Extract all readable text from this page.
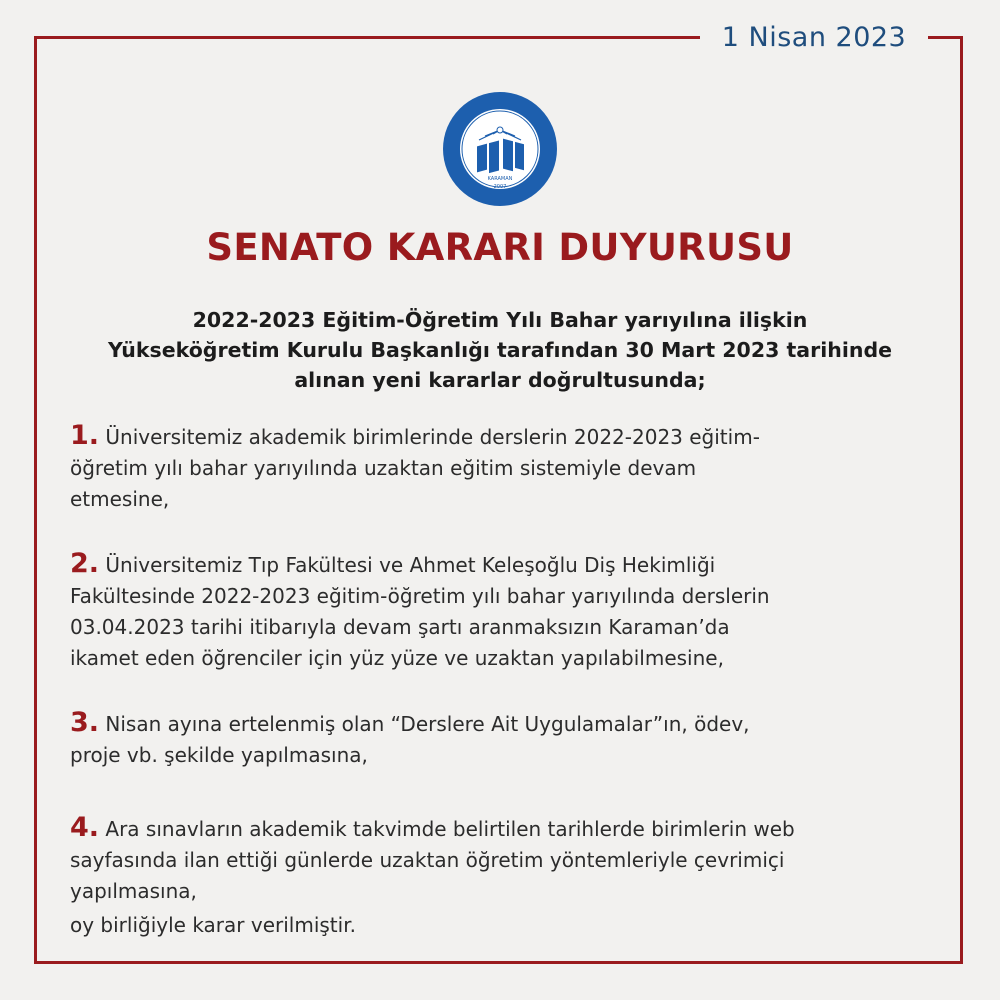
1 Nisan 2023
KARAMAN
2007
SENATO KARARI DUYURUSU
2022-2023 Eğitim-Öğretim Yılı Bahar yarıyılına ilişkin
Yükseköğretim Kurulu Başkanlığı tarafından 30 Mart 2023 tarihinde
alınan yeni kararlar doğrultusunda;
1. Üniversitemiz akademik birimlerinde derslerin 2022-2023 eğitim-
öğretim yılı bahar yarıyılında uzaktan eğitim sistemiyle devam
etmesine,
2. Üniversitemiz Tıp Fakültesi ve Ahmet Keleşoğlu Diş Hekimliği
Fakültesinde 2022-2023 eğitim-öğretim yılı bahar yarıyılında derslerin
03.04.2023 tarihi itibarıyla devam şartı aranmaksızın Karaman’da
ikamet eden öğrenciler için yüz yüze ve uzaktan yapılabilmesine,
3. Nisan ayına ertelenmiş olan “Derslere Ait Uygulamalar”ın, ödev,
proje vb. şekilde yapılmasına,
4. Ara sınavların akademik takvimde belirtilen tarihlerde birimlerin web
sayfasında ilan ettiği günlerde uzaktan öğretim yöntemleriyle çevrimiçi
yapılmasına,
oy birliğiyle karar verilmiştir.
